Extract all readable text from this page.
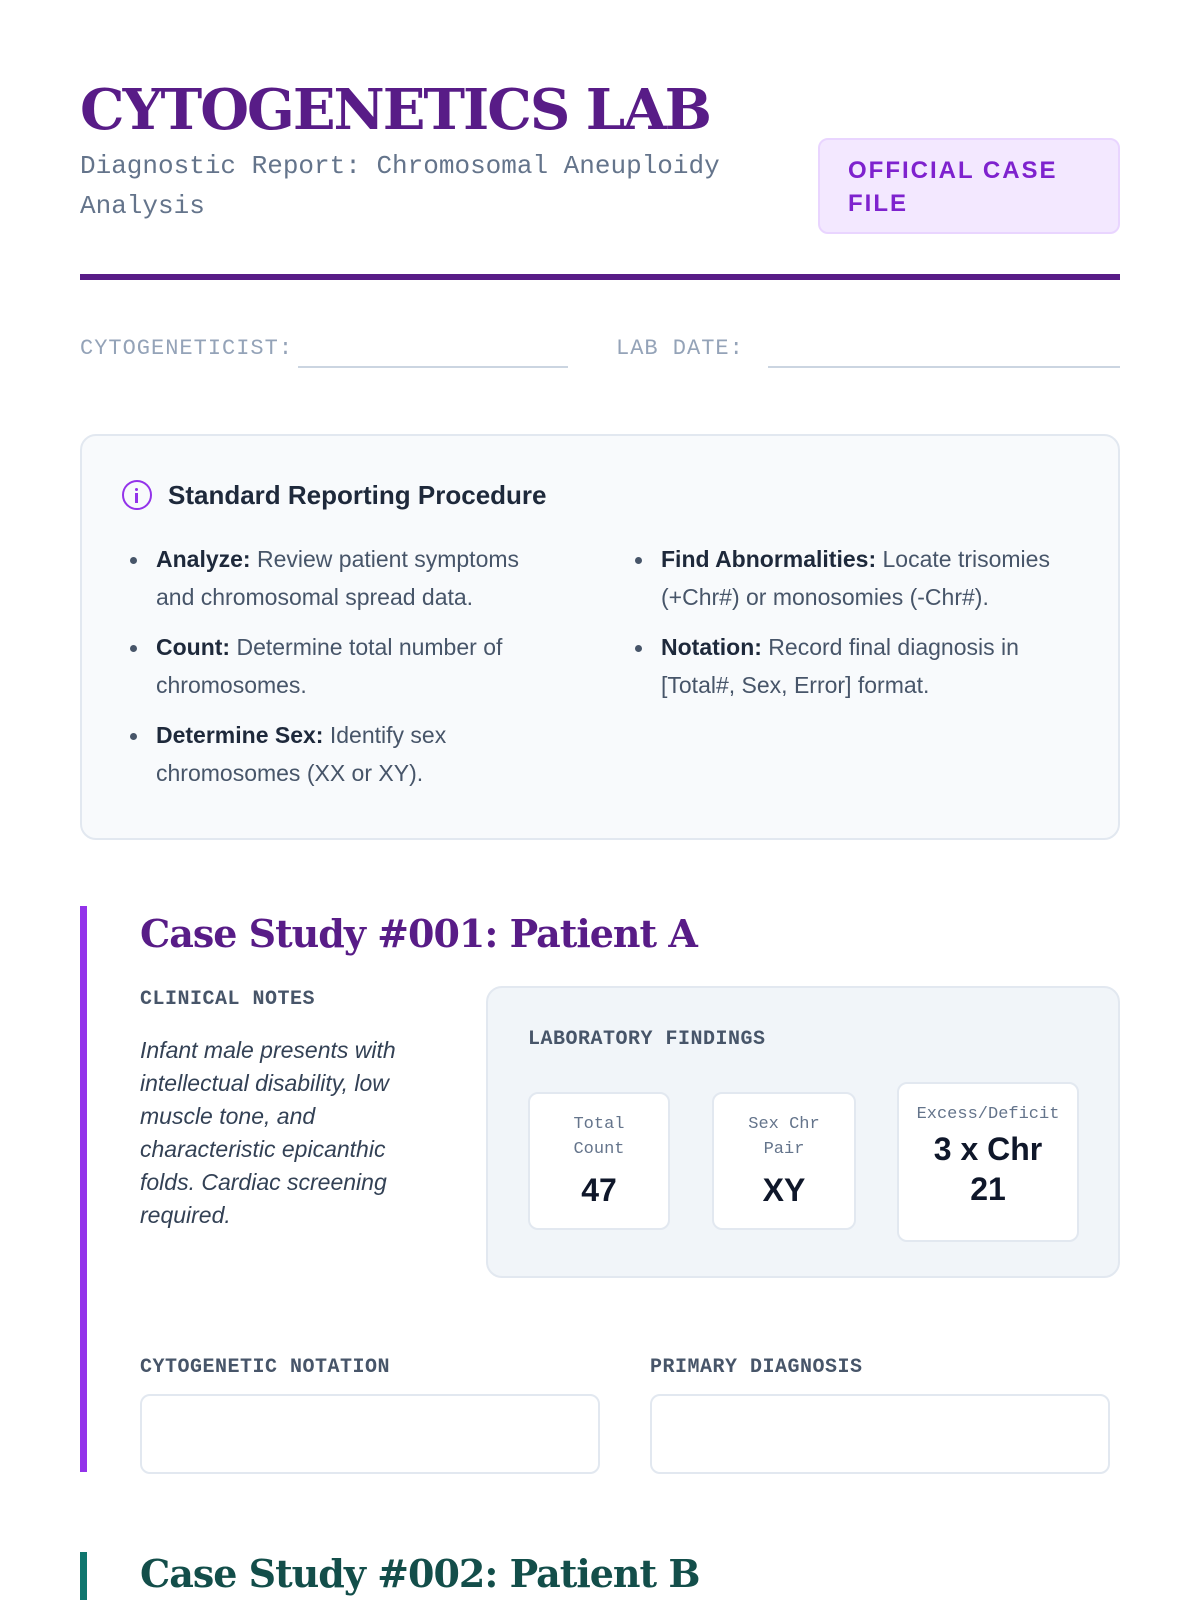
CYTOGENETICS LAB
Diagnostic Report: Chromosomal Aneuploidy Analysis
OFFICIAL CASE FILE
CYTOGENETICIST:	LAB DATE:
Standard Reporting Procedure
Analyze: Review patient symptoms and chromosomal spread data.
Count: Determine total number of chromosomes.
Determine Sex: Identify sex chromosomes (XX or XY).
Find Abnormalities: Locate trisomies (+Chr#) or monosomies (-Chr#).
Notation: Record final diagnosis in [Total#, Sex, Error] format.
Case Study #001: Patient A
CLINICAL NOTES

Infant male presents with intellectual disability, low muscle tone, and characteristic epicanthic folds. Cardiac screening required.

LABORATORY FINDINGS
Total Count
47
Sex Chr Pair
XY
Excess/Deficit
3 x Chr 21
CYTOGENETIC NOTATION	PRIMARY DIAGNOSIS
Case Study #002: Patient B
